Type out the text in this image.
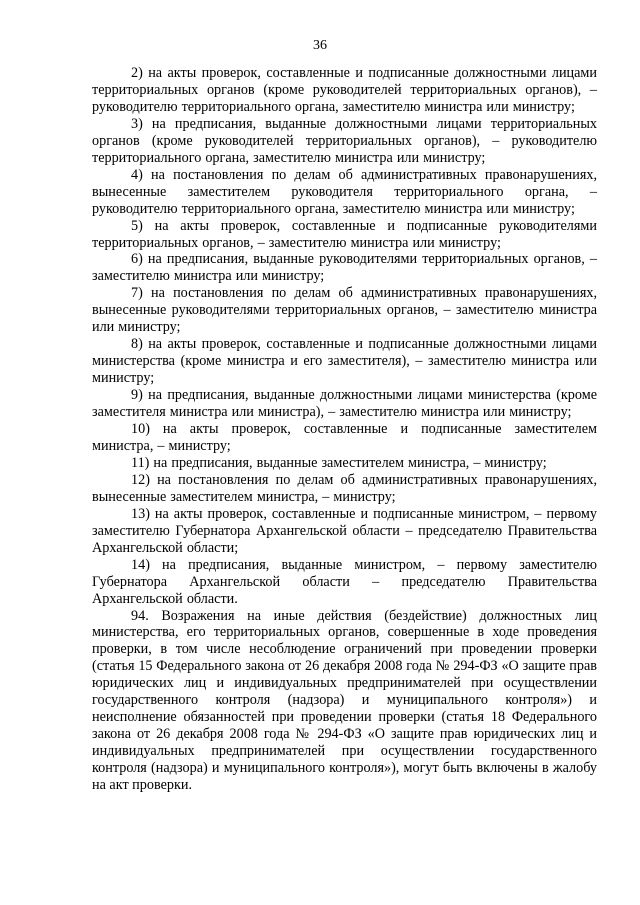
36

2) на акты проверок, составленные и подписанные должностными лицами территориальных органов (кроме руководителей территориальных органов), – руководителю территориального органа, заместителю министра или министру;

3) на предписания, выданные должностными лицами территориальных органов (кроме руководителей территориальных органов), – руководителю территориального органа, заместителю министра или министру;

4) на постановления по делам об административных правонарушениях, вынесенные заместителем руководителя территориального органа, – руководителю территориального органа, заместителю министра или министру;

5) на акты проверок, составленные и подписанные руководителями территориальных органов, – заместителю министра или министру;

6) на предписания, выданные руководителями территориальных органов, – заместителю министра или министру;

7) на постановления по делам об административных правонарушениях, вынесенные руководителями территориальных органов, – заместителю министра или министру;

8) на акты проверок, составленные и подписанные должностными лицами министерства (кроме министра и его заместителя), – заместителю министра или министру;

9) на предписания, выданные должностными лицами министерства (кроме заместителя министра или министра), – заместителю министра или министру;

10) на акты проверок, составленные и подписанные заместителем министра, – министру;

11) на предписания, выданные заместителем министра, – министру;

12) на постановления по делам об административных правонарушениях, вынесенные заместителем министра, – министру;

13) на акты проверок, составленные и подписанные министром, – первому заместителю Губернатора Архангельской области – председателю Правительства Архангельской области;

14) на предписания, выданные министром, – первому заместителю Губернатора Архангельской области – председателю Правительства Архангельской области.

94. Возражения на иные действия (бездействие) должностных лиц министерства, его территориальных органов, совершенные в ходе проведения проверки, в том числе несоблюдение ограничений при проведении проверки (статья 15 Федерального закона от 26 декабря 2008 года № 294-ФЗ «О защите прав юридических лиц и индивидуальных предпринимателей при осуществлении государственного контроля (надзора) и муниципального контроля») и неисполнение обязанностей при проведении проверки (статья 18 Федерального закона от 26 декабря 2008 года № 294-ФЗ «О защите прав юридических лиц и индивидуальных предпринимателей при осуществлении государственного контроля (надзора) и муниципального контроля»), могут быть включены в жалобу на акт проверки.
